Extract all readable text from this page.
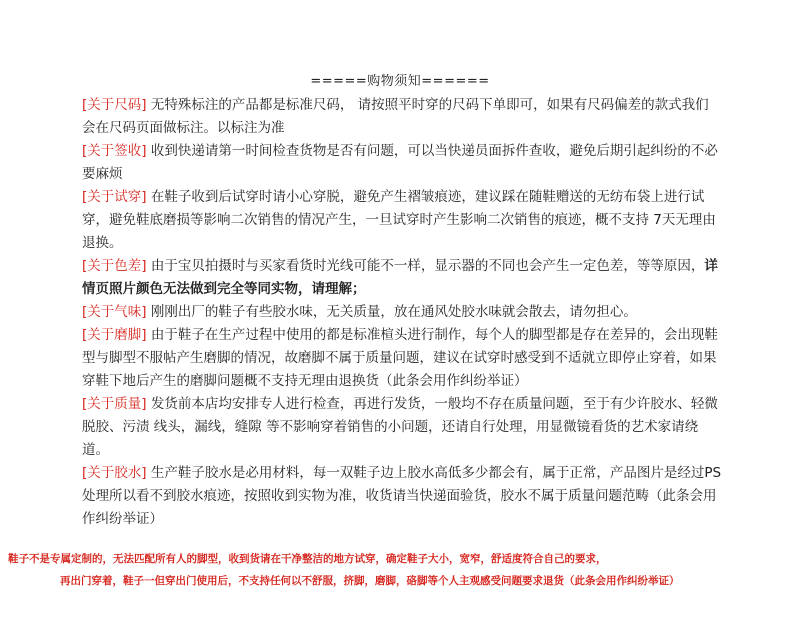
=====购物须知======

[关于尺码] 无特殊标注的产品都是标准尺码， 请按照平时穿的尺码下单即可，如果有尺码偏差的款式我们会在尺码页面做标注。以标注为准

[关于签收] 收到快递请第一时间检查货物是否有问题，可以当快递员面拆件查收，避免后期引起纠纷的不必要麻烦

[关于试穿] 在鞋子收到后试穿时请小心穿脱，避免产生褶皱痕迹，建议踩在随鞋赠送的无纺布袋上进行试穿，避免鞋底磨损等影响二次销售的情况产生，一旦试穿时产生影响二次销售的痕迹，概不支持 7天无理由退换。

[关于色差] 由于宝贝拍摄时与买家看货时光线可能不一样，显示器的不同也会产生一定色差，等等原因，详情页照片颜色无法做到完全等同实物，请理解；

[关于气味] 刚刚出厂的鞋子有些胶水味，无关质量，放在通风处胶水味就会散去，请勿担心。

[关于磨脚] 由于鞋子在生产过程中使用的都是标准楦头进行制作，每个人的脚型都是存在差异的，会出现鞋型与脚型不服帖产生磨脚的情况，故磨脚不属于质量问题，建议在试穿时感受到不适就立即停止穿着，如果穿鞋下地后产生的磨脚问题概不支持无理由退换货（此条会用作纠纷举证）

[关于质量] 发货前本店均安排专人进行检查，再进行发货，一般均不存在质量问题，至于有少许胶水、轻微脱胶、污渍 线头，漏线，缝隙 等不影响穿着销售的小问题，还请自行处理，用显微镜看货的艺术家请绕道。

[关于胶水] 生产鞋子胶水是必用材料，每一双鞋子边上胶水高低多少都会有，属于正常，产品图片是经过PS处理所以看不到胶水痕迹，按照收到实物为准，收货请当快递面验货，胶水不属于质量问题范畴（此条会用作纠纷举证）

鞋子不是专属定制的，无法匹配所有人的脚型，收到货请在干净整洁的地方试穿，确定鞋子大小，宽窄，舒适度符合自己的要求，
再出门穿着，鞋子一但穿出门使用后，不支持任何以不舒服，挤脚，磨脚，硌脚等个人主观感受问题要求退货（此条会用作纠纷举证）
